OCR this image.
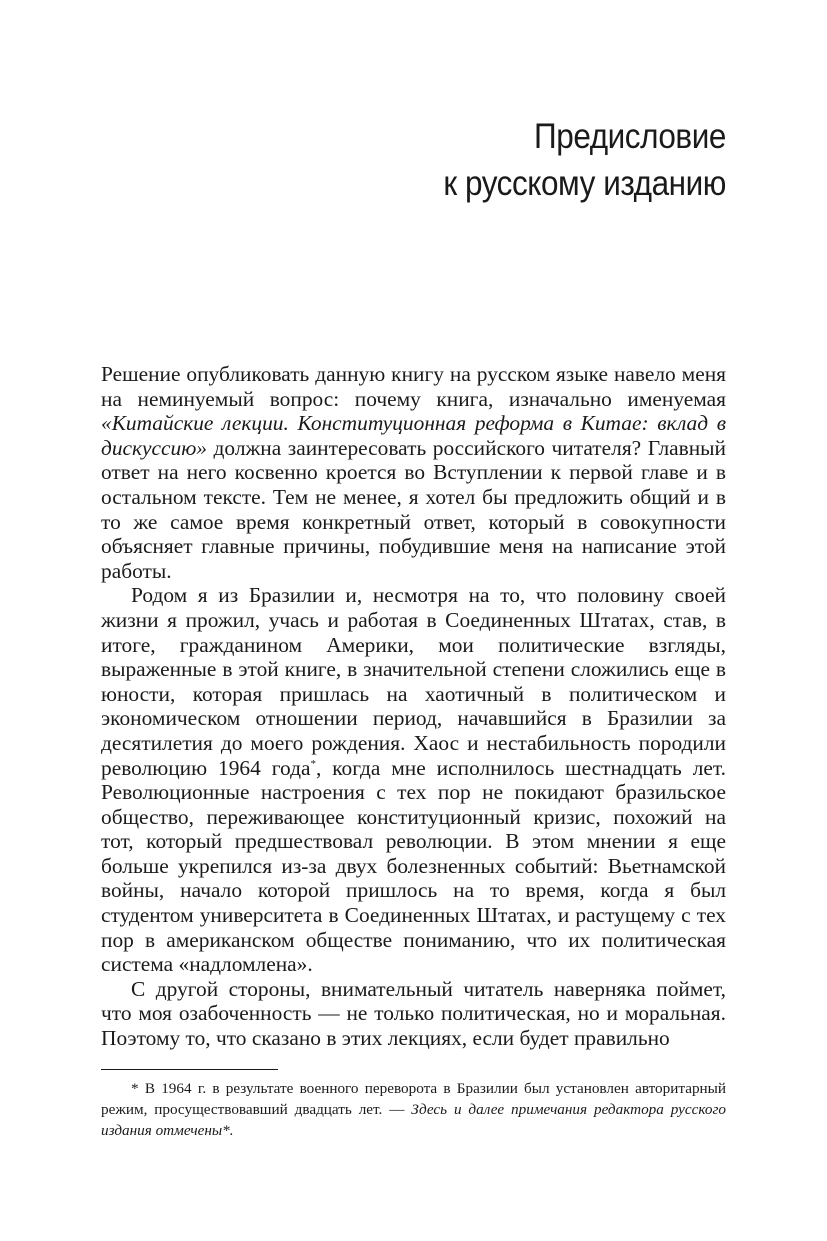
Предисловие
к русскому изданию

Решение опубликовать данную книгу на русском языке навело меня на неминуемый вопрос: почему книга, изначально именуемая «Китайские лекции. Конституционная реформа в Китае: вклад в дискуссию» должна заинтересовать российского читателя? Главный ответ на него косвенно кроется во Вступлении к первой главе и в остальном тексте. Тем не менее, я хотел бы предложить общий и в то же самое время конкретный ответ, который в совокупности объясняет главные причины, побудившие меня на написание этой работы.

Родом я из Бразилии и, несмотря на то, что половину своей жизни я прожил, учась и работая в Соединенных Штатах, став, в итоге, гражданином Америки, мои политические взгляды, выраженные в этой книге, в значительной степени сложились еще в юности, которая пришлась на хаотичный в политическом и экономическом отношении период, начавшийся в Бразилии за десятилетия до моего рождения. Хаос и нестабильность породили революцию 1964 года*, когда мне исполнилось шестнадцать лет. Революционные настроения с тех пор не покидают бразильское общество, переживающее конституционный кризис, похожий на тот, который предшествовал революции. В этом мнении я еще больше укрепился из-за двух болезненных событий: Вьетнамской войны, начало которой пришлось на то время, когда я был студентом университета в Соединенных Штатах, и растущему с тех пор в американском обществе пониманию, что их политическая система «надломлена».

С другой стороны, внимательный читатель наверняка поймет, что моя озабоченность — не только политическая, но и моральная. Поэтому то, что сказано в этих лекциях, если будет правильно

* В 1964 г. в результате военного переворота в Бразилии был установлен авторитарный режим, просуществовавший двадцать лет. — Здесь и далее примечания редактора русского издания отмечены*.
